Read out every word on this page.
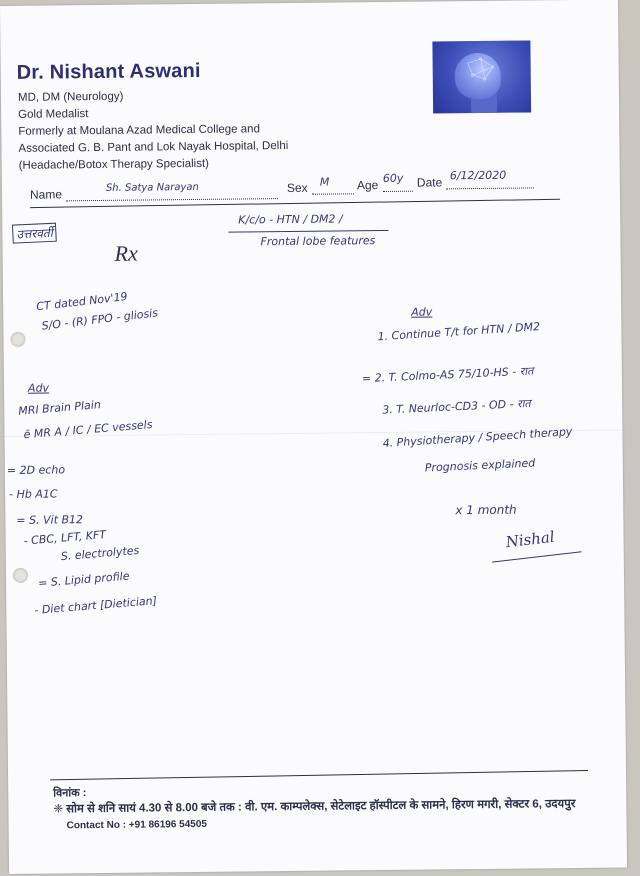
Dr. Nishant Aswani
MD, DM (Neurology)
Gold Medalist
Formerly at Moulana Azad Medical College and
Associated G. B. Pant and Lok Nayak Hospital, Delhi
(Headache/Botox Therapy Specialist)
Name	Sh. Satya Narayan	Sex M Age 60y Date 6/12/2020
उत्तरवर्ती
K/c/o - HTN / DM2 /
Frontal lobe features
Rx
CT dated Nov'19
S/O - (R) FPO - gliosis
Adv
MRI Brain Plain
ē MR A / IC / EC vessels
= 2D echo
- Hb A1C
= S. Vit B12
- CBC, LFT, KFT
S. electrolytes
= S. Lipid profile
- Diet chart [Dietician]
Adv
1. Continue T/t for HTN / DM2
= 2. T. Colmo-AS 75/10-HS - रात
3. T. Neurloc-CD3 - OD - रात
4. Physiotherapy / Speech therapy
Prognosis explained
x 1 month
Nishal
विनांक :
❈ सोम से शनि सायं 4.30 से 8.00 बजे तक : वी. एम. काम्पलेक्स, सेटेलाइट हॉस्पीटल के सामने, हिरण मगरी, सेक्टर 6, उदयपुर
Contact No : +91 86196 54505
